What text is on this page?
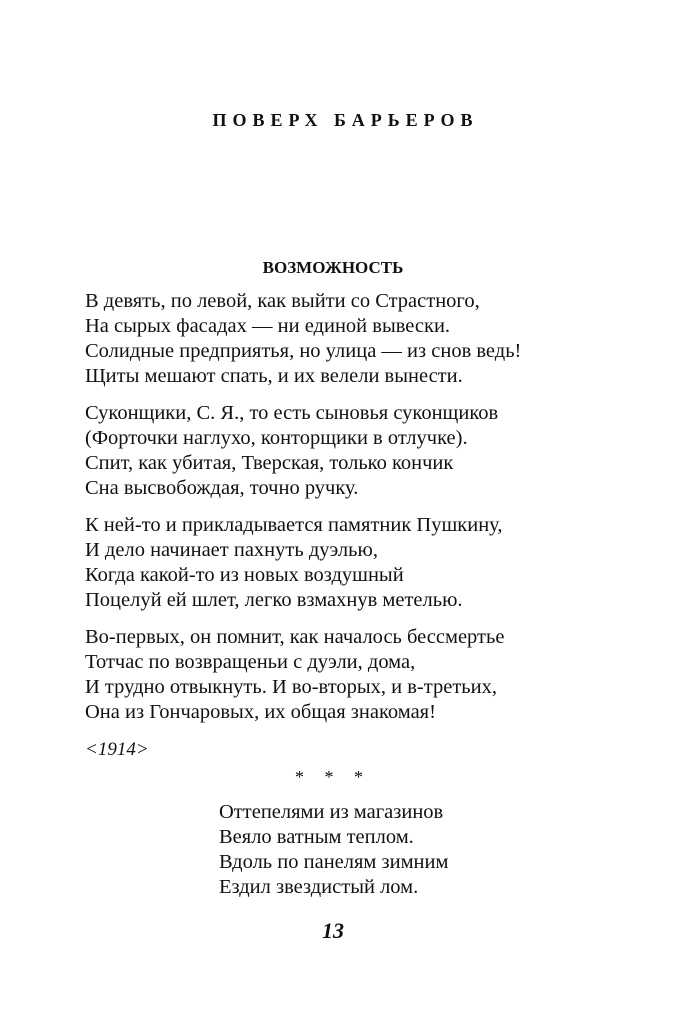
ПОВЕРХ БАРЬЕРОВ
ВОЗМОЖНОСТЬ
В девять, по левой, как выйти со Страстного,
На сырых фасадах — ни единой вывески.
Солидные предприятья, но улица — из снов ведь!
Щиты мешают спать, и их велели вынести.
Суконщики, С. Я., то есть сыновья суконщиков
(Форточки наглухо, конторщики в отлучке).
Спит, как убитая, Тверская, только кончик
Сна высвобождая, точно ручку.
К ней-то и прикладывается памятник Пушкину,
И дело начинает пахнуть дуэлью,
Когда какой-то из новых воздушный
Поцелуй ей шлет, легко взмахнув метелью.
Во-первых, он помнит, как началось бессмертье
Тотчас по возвращеньи с дуэли, дома,
И трудно отвыкнуть. И во-вторых, и в-третьих,
Она из Гончаровых, их общая знакомая!
<1914>
* * *
Оттепелями из магазинов
Веяло ватным теплом.
Вдоль по панелям зимним
Ездил звездистый лом.
13
